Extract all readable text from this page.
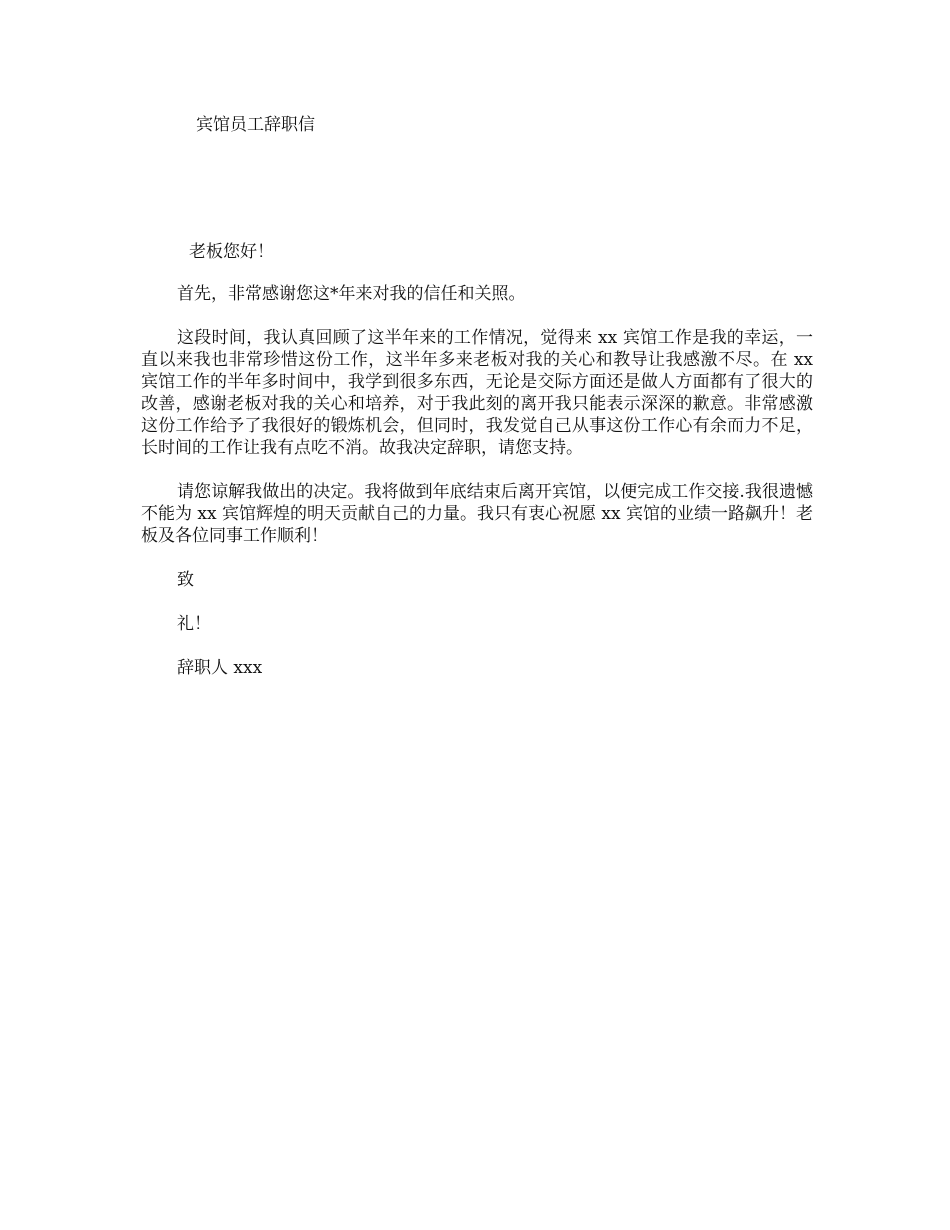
宾馆员工辞职信
老板您好！

首先，非常感谢您这*年来对我的信任和关照。

这段时间，我认真回顾了这半年来的工作情况，觉得来 xx 宾馆工作是我的幸运，一直以来我也非常珍惜这份工作，这半年多来老板对我的关心和教导让我感激不尽。在 xx 宾馆工作的半年多时间中，我学到很多东西，无论是交际方面还是做人方面都有了很大的改善，感谢老板对我的关心和培养，对于我此刻的离开我只能表示深深的歉意。非常感激这份工作给予了我很好的锻炼机会，但同时，我发觉自己从事这份工作心有余而力不足，长时间的工作让我有点吃不消。故我决定辞职，请您支持。

请您谅解我做出的决定。我将做到年底结束后离开宾馆，以便完成工作交接.我很遗憾不能为 xx 宾馆辉煌的明天贡献自己的力量。我只有衷心祝愿 xx 宾馆的业绩一路飙升！老板及各位同事工作顺利！

致

礼！

辞职人 xxx
